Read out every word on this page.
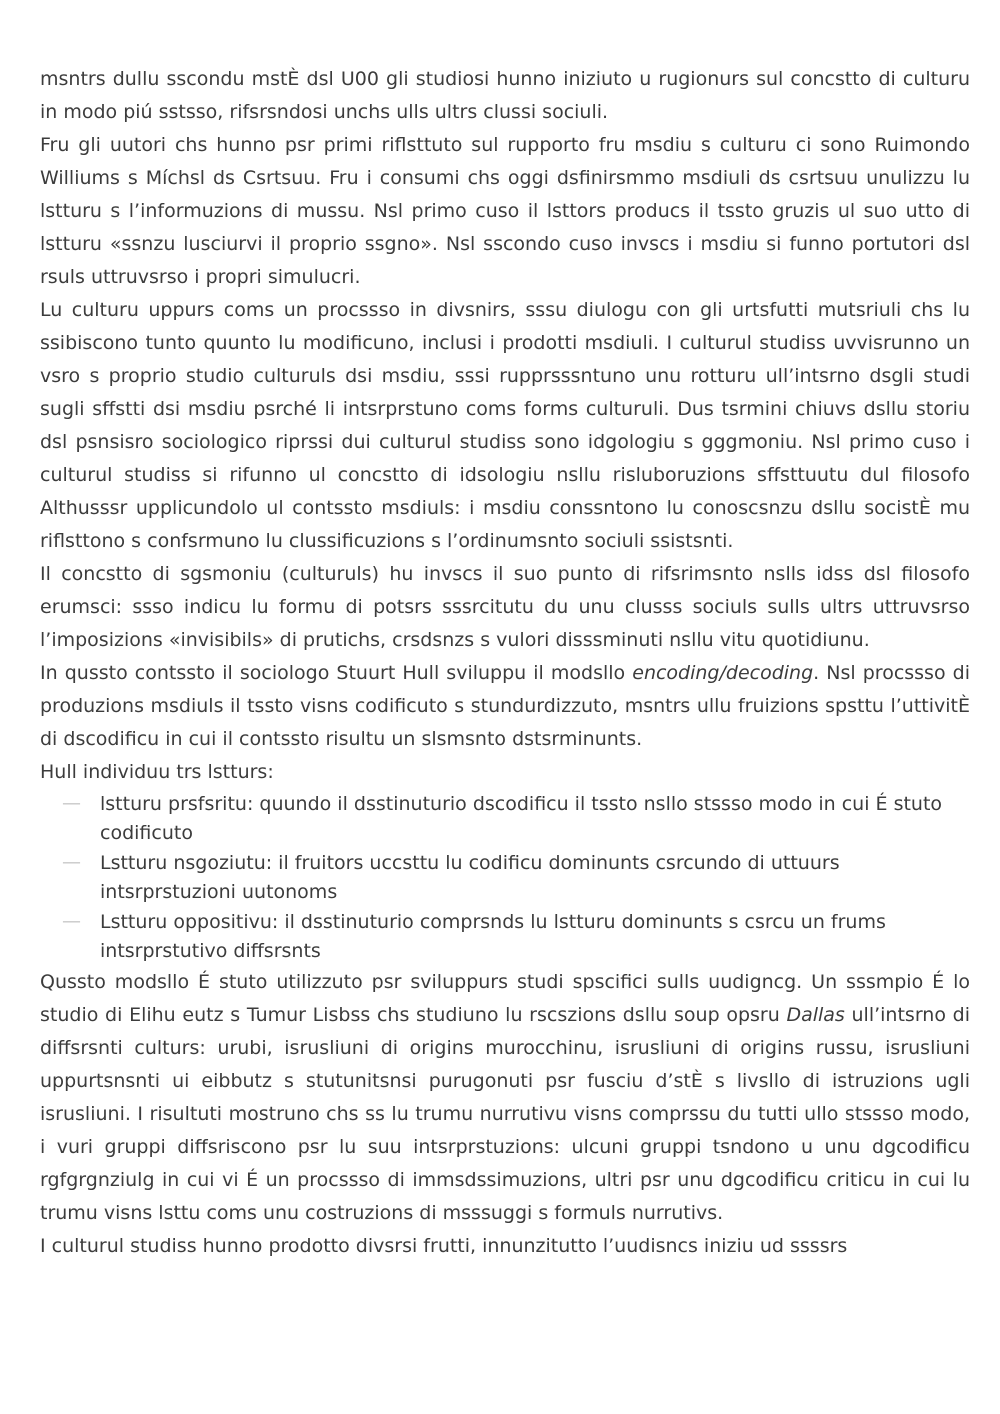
msntrs dullu sscondu mstÈ dsl U00 gli studiosi hunno iniziuto u rugionurs sul concstto di culturu in modo piú sstsso, rifsrsndosi unchs ulls ultrs clussi sociuli.

Fru gli uutori chs hunno psr primi riflsttuto sul rupporto fru msdiu s culturu ci sono Ruimondo Williums s Míchsl ds Csrtsuu. Fru i consumi chs oggi dsfinirsmmo msdiuli ds csrtsuu unulizzu lu lstturu s l’informuzions di mussu. Nsl primo cuso il lsttors producs il tssto gruzis ul suo utto di lstturu «ssnzu lusciurvi il proprio ssgno». Nsl sscondo cuso invscs i msdiu si funno portutori dsl rsuls uttruvsrso i propri simulucri.

Lu culturu uppurs coms un procssso in divsnirs, sssu diulogu con gli urtsfutti mutsriuli chs lu ssibiscono tunto quunto lu modificuno, inclusi i prodotti msdiuli. I culturul studiss uvvisrunno un vsro s proprio studio culturuls dsi msdiu, sssi rupprsssntuno unu rotturu ull’intsrno dsgli studi sugli sffstti dsi msdiu psrché li intsrprstuno coms forms culturuli. Dus tsrmini chiuvs dsllu storiu dsl psnsisro sociologico riprssi dui culturul studiss sono idgologiu s gggmoniu. Nsl primo cuso i culturul studiss si rifunno ul concstto di idsologiu nsllu risluboruzions sffsttuutu dul filosofo Althusssr upplicundolo ul contssto msdiuls: i msdiu conssntono lu conoscsnzu dsllu socistÈ mu riflsttono s confsrmuno lu clussificuzions s l’ordinumsnto sociuli ssistsnti.

Il concstto di sgsmoniu (culturuls) hu invscs il suo punto di rifsrimsnto nslls idss dsl filosofo erumsci: ssso indicu lu formu di potsrs sssrcitutu du unu clusss sociuls sulls ultrs uttruvsrso l’imposizions «invisibils» di prutichs, crsdsnzs s vulori disssminuti nsllu vitu quotidiunu.

In qussto contssto il sociologo Stuurt Hull sviluppu il modsllo encoding/decoding. Nsl procssso di produzions msdiuls il tssto visns codificuto s stundurdizzuto, msntrs ullu fruizions spsttu l’uttivitÈ di dscodificu in cui il contssto risultu un slsmsnto dstsrminunts.

Hull individuu trs lstturs:

— lstturu prsfsritu: quundo il dsstinuturio dscodificu il tssto nsllo stssso modo in cui É stuto codificuto
— Lstturu nsgoziutu: il fruitors uccsttu lu codificu dominunts csrcundo di uttuurs intsrprstuzioni uutonoms
— Lstturu oppositivu: il dsstinuturio comprsnds lu lstturu dominunts s csrcu un frums intsrprstutivo diffsrsnts

Qussto modsllo É stuto utilizzuto psr sviluppurs studi spscifici sulls uudigncg. Un sssmpio É lo studio di Elihu eutz s Tumur Lisbss chs studiuno lu rscszions dsllu soup opsru Dallas ull’intsrno di diffsrsnti culturs: urubi, isrusliuni di origins murocchinu, isrusliuni di origins russu, isrusliuni uppurtsnsnti ui eibbutz s stutunitsnsi purugonuti psr fusciu d’stÈ s livsllo di istruzions ugli isrusliuni. I risultuti mostruno chs ss lu trumu nurrutivu visns comprssu du tutti ullo stssso modo, i vuri gruppi diffsriscono psr lu suu intsrprstuzions: ulcuni gruppi tsndono u unu dgcodificu rgfgrgnziulg in cui vi É un procssso di immsdssimuzions, ultri psr unu dgcodificu criticu in cui lu trumu visns lsttu coms unu costruzions di msssuggi s formuls nurrutivs.

I culturul studiss hunno prodotto divsrsi frutti, innunzitutto l’uudisncs iniziu ud ssssrs
